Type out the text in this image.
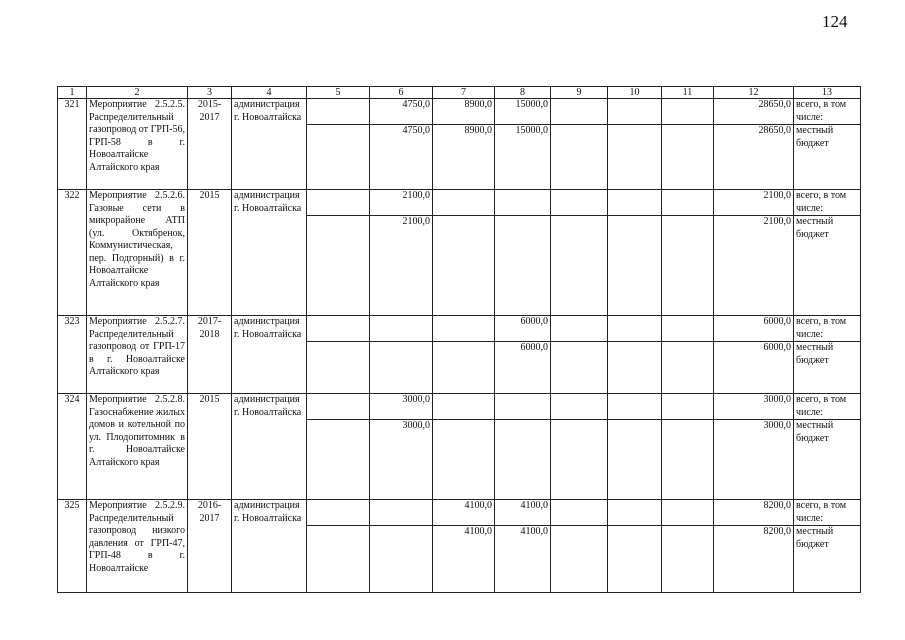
124
1	2	3	4	5	6	7	8	9	10	11	12	13
321	Мероприятие 2.5.2.5. Распределительный газопровод от ГРП-56, ГРП-58 в г. Новоалтайске Алтайского края	2015-2017	администрация г. Новоалтайска		4750,0	8900,0	15000,0				28650,0	всего, в том числе:
					4750,0	8900,0	15000,0				28650,0	местный бюджет
322	Мероприятие 2.5.2.6. Газовые сети в микрорайоне АТП (ул. Октябренок, Коммунистическая, пер. Подгорный) в г. Новоалтайске Алтайского края	2015	администрация г. Новоалтайска		2100,0						2100,0	всего, в том числе:
					2100,0						2100,0	местный бюджет
323	Мероприятие 2.5.2.7. Распределительный газопровод от ГРП-17 в г. Новоалтайске Алтайского края	2017-2018	администрация г. Новоалтайска				6000,0				6000,0	всего, в том числе:
							6000,0				6000,0	местный бюджет
324	Мероприятие 2.5.2.8. Газоснабжение жилых домов и котельной по ул. Плодопитомник в г. Новоалтайске Алтайского края	2015	администрация г. Новоалтайска		3000,0						3000,0	всего, в том числе:
					3000,0						3000,0	местный бюджет
325	Мероприятие 2.5.2.9. Распределительный газопровод низкого давления от ГРП-47, ГРП-48 в г. Новоалтайске	2016-2017	администрация г. Новоалтайска			4100,0	4100,0				8200,0	всего, в том числе:
						4100,0	4100,0				8200,0	местный бюджет
